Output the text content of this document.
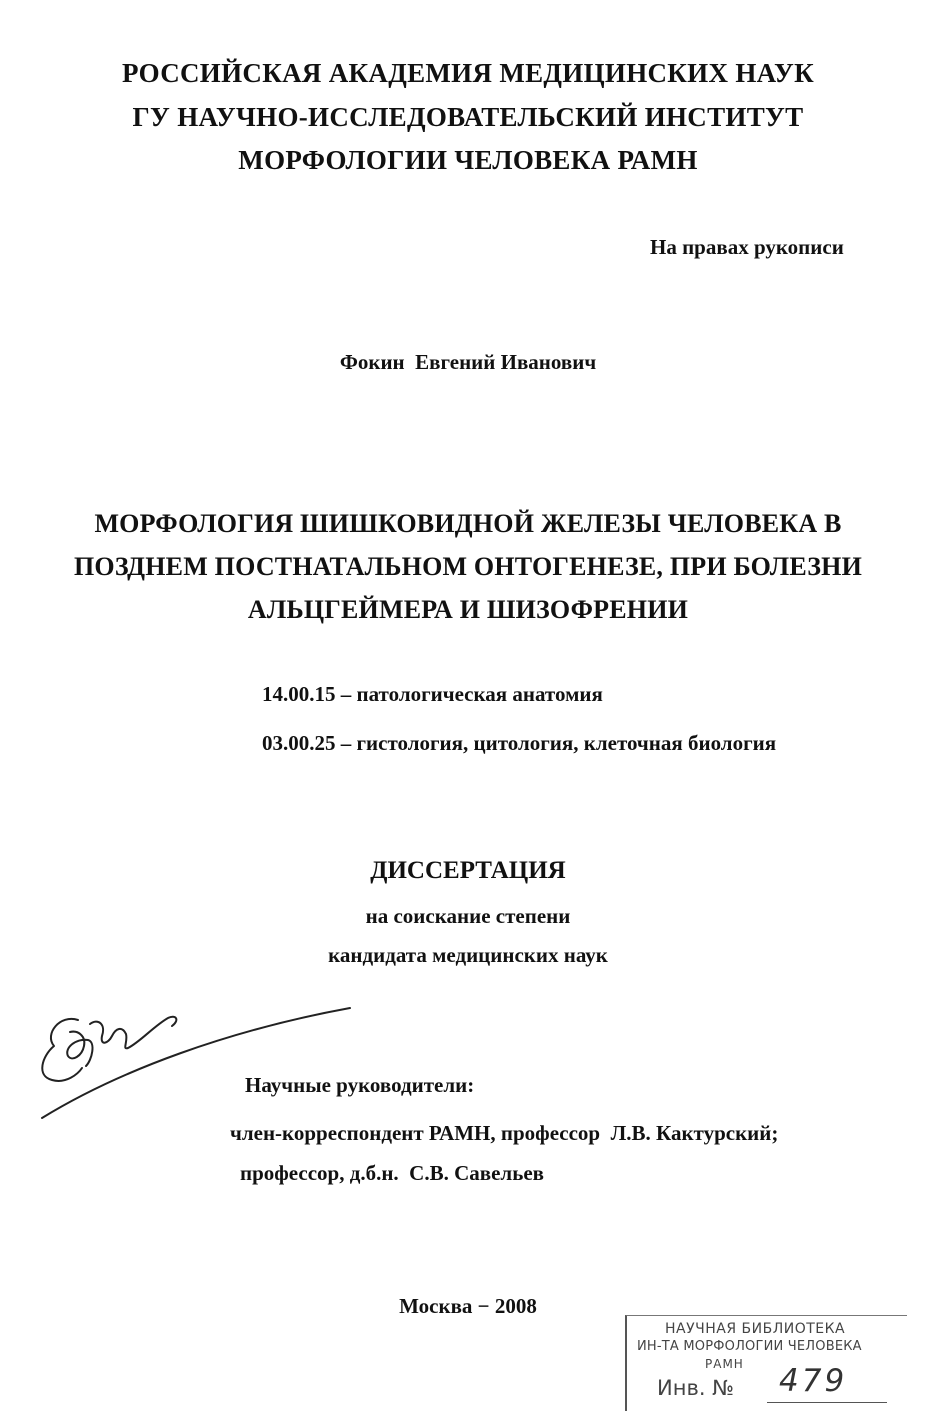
РОССИЙСКАЯ АКАДЕМИЯ МЕДИЦИНСКИХ НАУК

ГУ НАУЧНО-ИССЛЕДОВАТЕЛЬСКИЙ ИНСТИТУТ

МОРФОЛОГИИ ЧЕЛОВЕКА РАМН

На правах рукописи

Фокин  Евгений Иванович

МОРФОЛОГИЯ ШИШКОВИДНОЙ ЖЕЛЕЗЫ ЧЕЛОВЕКА В

ПОЗДНЕМ ПОСТНАТАЛЬНОМ ОНТОГЕНЕЗЕ, ПРИ БОЛЕЗНИ

АЛЬЦГЕЙМЕРА И ШИЗОФРЕНИИ

14.00.15 – патологическая анатомия

03.00.25 – гистология, цитология, клеточная биология

ДИССЕРТАЦИЯ

на соискание степени

кандидата медицинских наук

Научные руководители:

член-корреспондент РАМН, профессор  Л.В. Кактурский;

профессор, д.б.н.  С.В. Савельев

Москва − 2008

НАУЧНАЯ БИБЛИОТЕКА
ИН-ТА МОРФОЛОГИИ ЧЕЛОВЕКА
РАМН
Инв. № 479
